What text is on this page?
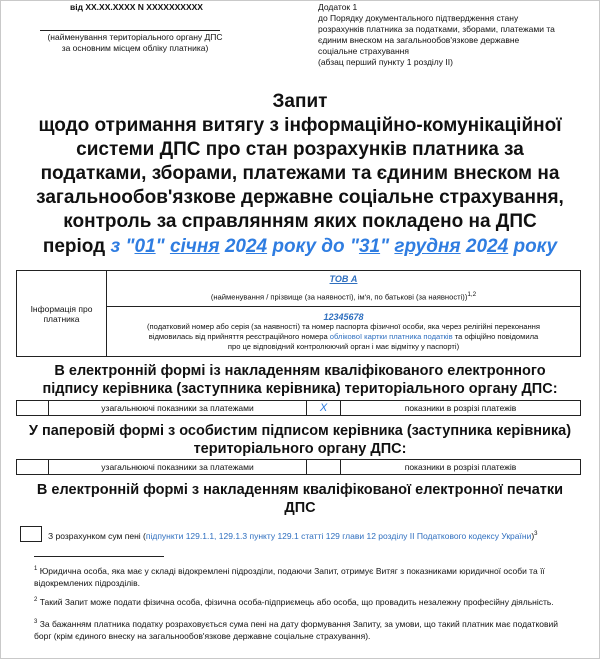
від XX.XX.XXXX N XXXXXXXXXX
(найменування територіального органу ДПС
за основним місцем обліку платника)
Додаток 1
до Порядку документального підтвердження стану
розрахунків платника за податками, зборами, платежами та
єдиним внеском на загальнообов'язкове державне
соціальне страхування
(абзац перший пункту 1 розділу II)
Запит
щодо отримання витягу з інформаційно-комунікаційної
системи ДПС про стан розрахунків платника за
податками, зборами, платежами та єдиним внеском на
загальнообов'язкове державне соціальне страхування,
контроль за справлянням яких покладено на ДПС
період з "01" січня 2024 року до "31" грудня 2024 року
Інформація про платника	
ТОВ А
(найменування / прізвище (за наявності), ім'я, по батькові (за наявності))$^{1,2}$

12345678
(податковий номер або серія (за наявності) та номер паспорта фізичної особи, яка через релігійні переконання
відмовилась від прийняття реєстраційного номера облікової картки платника податків та офіційно повідомила
про це відповідний контролюючий орган і має відмітку у паспорті)
В електронній формі із накладенням кваліфікованого електронного
підпису керівника (заступника керівника) територіального органу ДПС:
	узагальнюючі показники за платежами	X	показники в розрізі платежів
У паперовій формі з особистим підписом керівника (заступника керівника)
територіального органу ДПС:
	узагальнюючі показники за платежами		показники в розрізі платежів
В електронній формі з накладенням кваліфікованої електронної печатки
ДПС
З розрахунком сум пені (підпункти 129.1.1, 129.1.3 пункту 129.1 статті 129 глави 12 розділу II Податкового кодексу України)$^3$
$^1$ Юридична особа, яка має у складі відокремлені підрозділи, подаючи Запит, отримує Витяг з показниками юридичної особи та її
відокремлених підрозділів.
$^2$ Такий Запит може подати фізична особа, фізична особа-підприємець або особа, що провадить незалежну професійну діяльність.
$^3$ За бажанням платника податку розраховується сума пені на дату формування Запиту, за умови, що такий платник має податковий
борг (крім єдиного внеску на загальнообов'язкове державне соціальне страхування).
